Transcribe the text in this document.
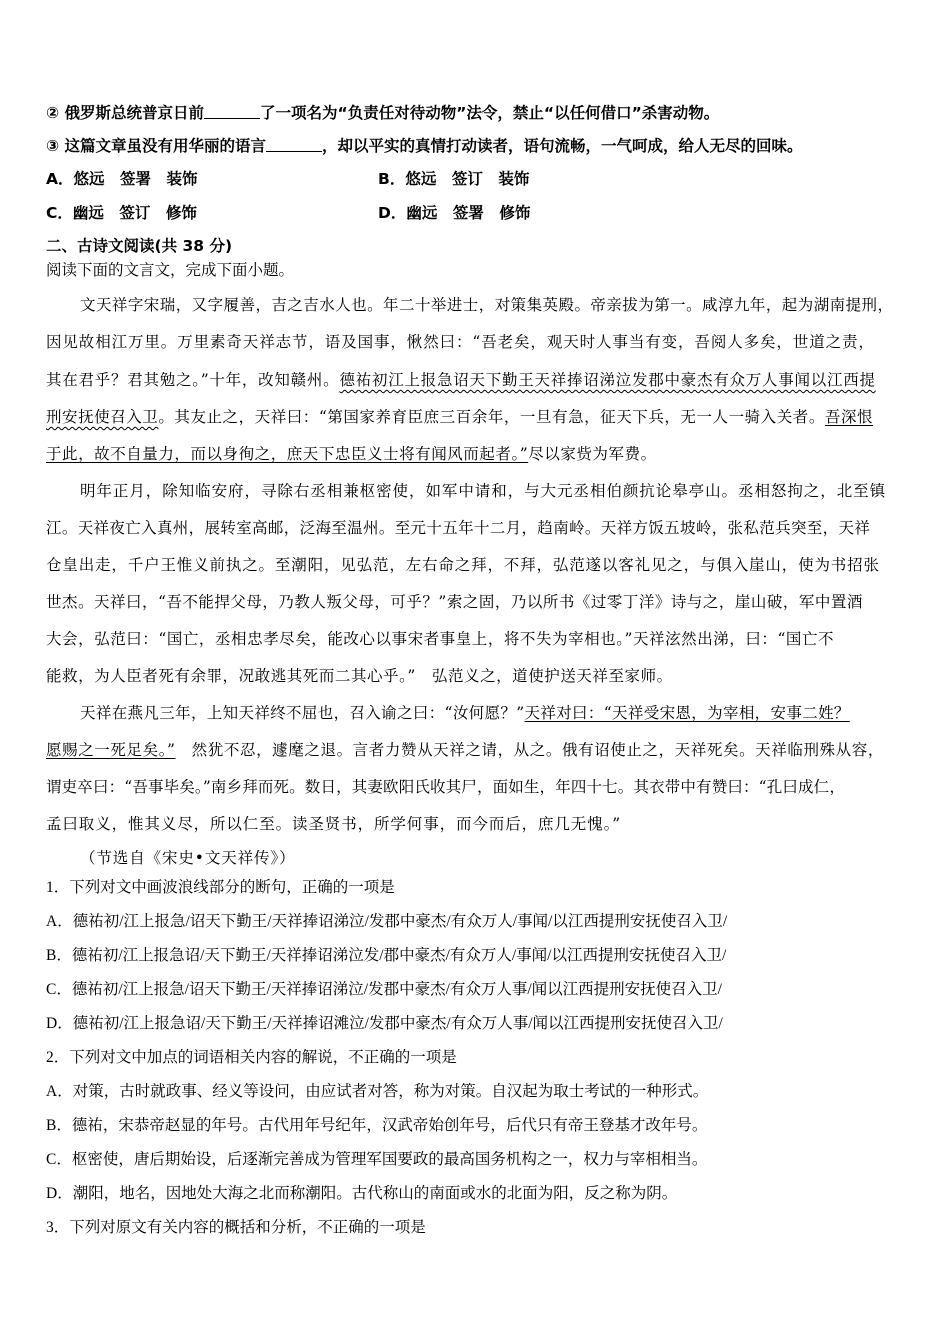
② 俄罗斯总统普京日前	了一项名为“负责任对待动物”法令，禁止“以任何借口”杀害动物。
③ 这篇文章虽没有用华丽的语言	，却以平实的真情打动读者，语句流畅，一气呵成，给人无尽的回味。
A．悠远　签署　装饰	B．悠远　签订　装饰
C．幽远　签订　修饰	D．幽远　签署　修饰
二、古诗文阅读(共 38 分)
阅读下面的文言文，完成下面小题。
文天祥字宋瑞，又字履善，吉之吉水人也。年二十举进士，对策集英殿。帝亲拔为第一。咸淳九年，起为湖南提刑，
因见故相江万里。万里素奇天祥志节，语及国事，愀然曰：“吾老矣，观天时人事当有变，吾阅人多矣，世道之责，
其在君乎？君其勉之。”十年，改知赣州。德祐初江上报急诏天下勤王天祥捧诏涕泣发郡中豪杰有众万人事闻以江西提
刑安抚使召入卫。其友止之，天祥曰：“第国家养育臣庶三百余年，一旦有急，征天下兵，无一人一骑入关者。吾深恨
于此，故不自量力，而以身徇之，庶天下忠臣义士将有闻风而起者。”尽以家赀为军费。
明年正月，除知临安府，寻除右丞相兼枢密使，如军中请和，与大元丞相伯颜抗论皋亭山。丞相怒拘之，北至镇
江。天祥夜亡入真州，展转室高邮，泛海至温州。至元十五年十二月，趋南岭。天祥方饭五坡岭，张私范兵突至，天祥
仓皇出走，千户王惟义前执之。至潮阳，见弘范，左右命之拜，不拜，弘范遂以客礼见之，与俱入崖山，使为书招张
世杰。天祥曰，“吾不能捍父母，乃教人叛父母，可乎？”索之固，乃以所书《过零丁洋》诗与之，崖山破，军中置酒
大会，弘范曰：“国亡，丞相忠孝尽矣，能改心以事宋者事皇上，将不失为宰相也。”天祥泫然出涕，曰：“国亡不
能救，为人臣者死有余罪，况敢逃其死而二其心乎。”　弘范义之，道使护送天祥至家师。
天祥在燕凡三年，上知天祥终不屈也，召入谕之曰：“汝何愿？”天祥对曰：“天祥受宋恩，为宰相，安事二姓？
愿赐之一死足矣。”　然犹不忍，遽麾之退。言者力赞从天祥之请，从之。俄有诏使止之，天祥死矣。天祥临刑殊从容，
谓吏卒曰：“吾事毕矣。”南乡拜而死。数日，其妻欧阳氏收其尸，面如生，年四十七。其衣带中有赞曰：“孔曰成仁，
孟曰取义，惟其义尽，所以仁至。读圣贤书，所学何事，而今而后，庶几无愧。”
（节选自《宋史•文天祥传》）
1．下列对文中画波浪线部分的断句，正确的一项是
A．德祐初/江上报急/诏天下勤王/天祥捧诏涕泣/发郡中豪杰/有众万人/事闻/以江西提刑安抚使召入卫/
B．德祐初/江上报急诏/天下勤王/天祥捧诏涕泣发/郡中豪杰/有众万人/事闻/以江西提刑安抚使召入卫/
C．德祐初/江上报急/诏天下勤王/天祥捧诏涕泣/发郡中豪杰/有众万人事/闻以江西提刑安抚使召入卫/
D．德祐初/江上报急诏/天下勤王/天祥捧诏滩泣/发郡中豪杰/有众万人事/闻以江西提刑安抚使召入卫/
2．下列对文中加点的词语相关内容的解说，不正确的一项是
A．对策，古时就政事、经义等设问，由应试者对答，称为对策。自汉起为取士考试的一种形式。
B．德祐，宋恭帝赵显的年号。古代用年号纪年，汉武帝始创年号，后代只有帝王登基才改年号。
C．枢密使，唐后期始设，后逐渐完善成为管理军国要政的最高国务机构之一，权力与宰相相当。
D．潮阳，地名，因地处大海之北而称潮阳。古代称山的南面或水的北面为阳，反之称为阴。
3．下列对原文有关内容的概括和分析，不正确的一项是
